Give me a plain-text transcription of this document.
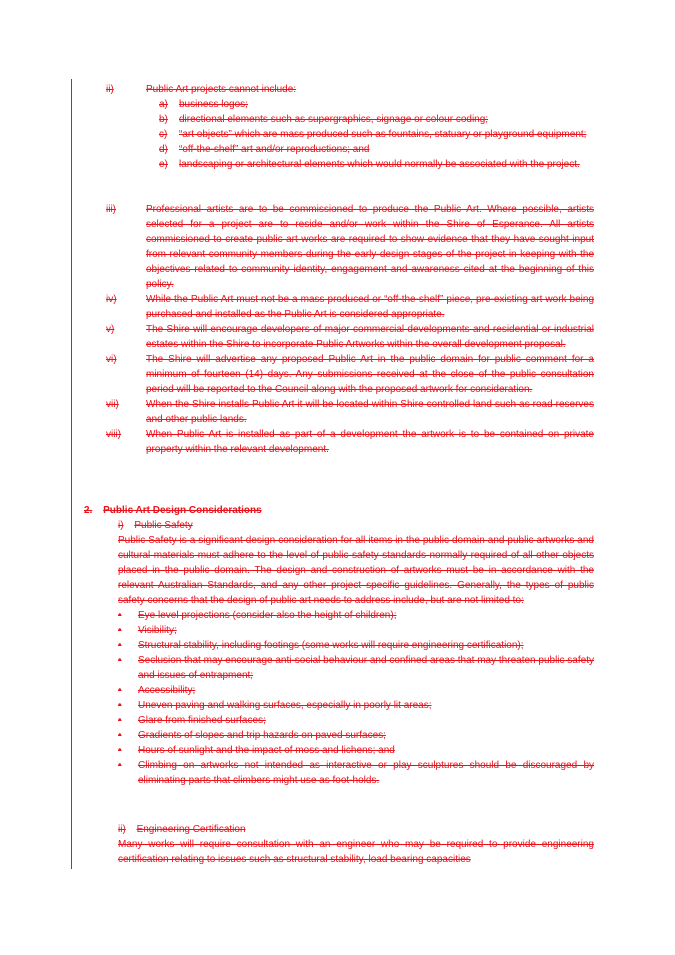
ii)	Public Art projects cannot include:
a) business logos;
b) directional elements such as supergraphics, signage or colour coding;
c) “art objects” which are mass produced such as fountains, statuary or playground equipment;
d) “off-the-shelf” art and/or reproductions; and
e) landscaping or architectural elements which would normally be associated with the project.
iii)	Professional artists are to be commissioned to produce the Public Art. Where possible, artists selected for a project are to reside and/or work within the Shire of Esperance. All artists commissioned to create public art works are required to show evidence that they have sought input from relevant community members during the early design stages of the project in keeping with the objectives related to community identity, engagement and awareness cited at the beginning of this policy.
iv)	While the Public Art must not be a mass produced or “off-the-shelf” piece, pre-existing art work being purchased and installed as the Public Art is considered appropriate.
v)	The Shire will encourage developers of major commercial developments and residential or industrial estates within the Shire to incorporate Public Artworks within the overall development proposal.
vi)	The Shire will advertise any proposed Public Art in the public domain for public comment for a minimum of fourteen (14) days. Any submissions received at the close of the public consultation period will be reported to the Council along with the proposed artwork for consideration.
vii)	When the Shire installs Public Art it will be located within Shire controlled land such as road reserves and other public lands.
viii)	When Public Art is installed as part of a development the artwork is to be contained on private property within the relevant development.
2. Public Art Design Considerations
i) Public Safety
Public Safety is a significant design consideration for all items in the public domain and public artworks and cultural materials must adhere to the level of public safety standards normally required of all other objects placed in the public domain. The design and construction of artworks must be in accordance with the relevant Australian Standards, and any other project specific guidelines. Generally, the types of public safety concerns that the design of public art needs to address include, but are not limited to:
• Eye level projections (consider also the height of children);
• Visibility;
• Structural stability, including footings (some works will require engineering certification);
• Seclusion that may encourage anti-social behaviour and confined areas that may threaten public safety and issues of entrapment;
• Accessibility;
• Uneven paving and walking surfaces, especially in poorly lit areas;
• Glare from finished surfaces;
• Gradients of slopes and trip hazards on paved surfaces;
• Hours of sunlight and the impact of moss and lichens; and
• Climbing on artworks not intended as interactive or play sculptures should be discouraged by eliminating parts that climbers might use as foot-holds.
ii) Engineering Certification
Many works will require consultation with an engineer who may be required to provide engineering certification relating to issues such as structural stability, load bearing capacities
